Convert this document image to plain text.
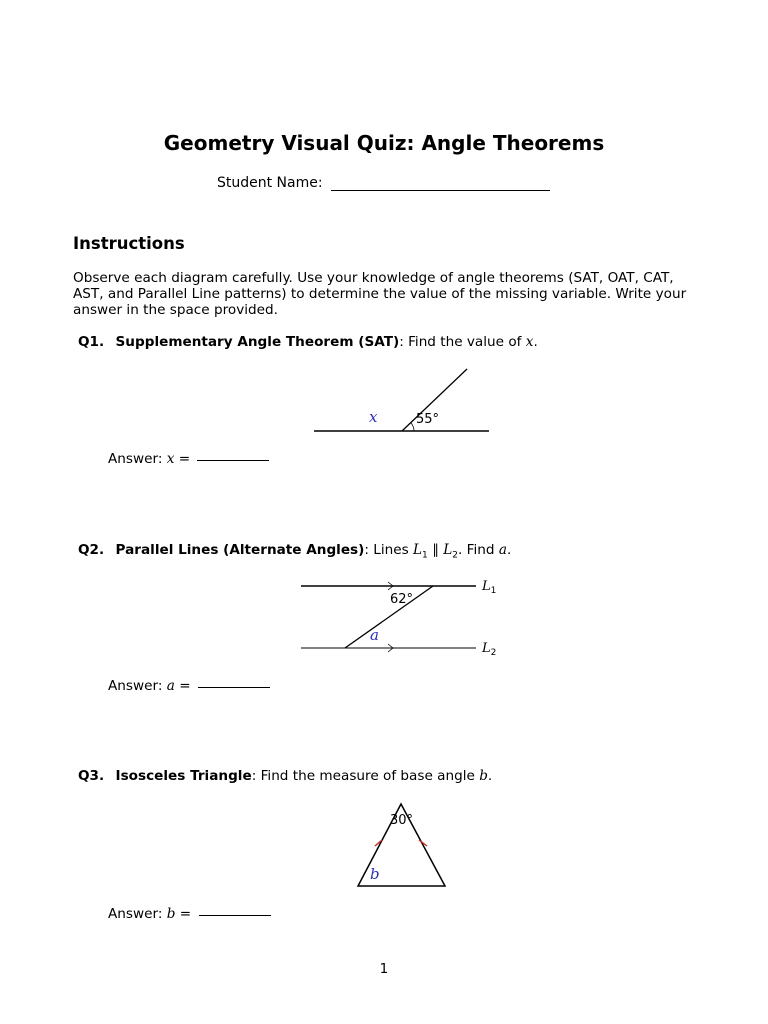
Geometry Visual Quiz: Angle Theorems
Student Name:
Instructions
Observe each diagram carefully. Use your knowledge of angle theorems (SAT, OAT, CAT, AST, and Parallel Line patterns) to determine the value of the missing variable. Write your answer in the space provided.
Q1. Supplementary Angle Theorem (SAT): Find the value of x.
55°
x
62°
a
$L_1$
$L_2$
30°
b
Answer: x =
Q2. Parallel Lines (Alternate Angles): Lines $L_1$ ∥ $L_2$. Find a.
Answer: a =
Q3. Isosceles Triangle: Find the measure of base angle b.
Answer: b =
1
